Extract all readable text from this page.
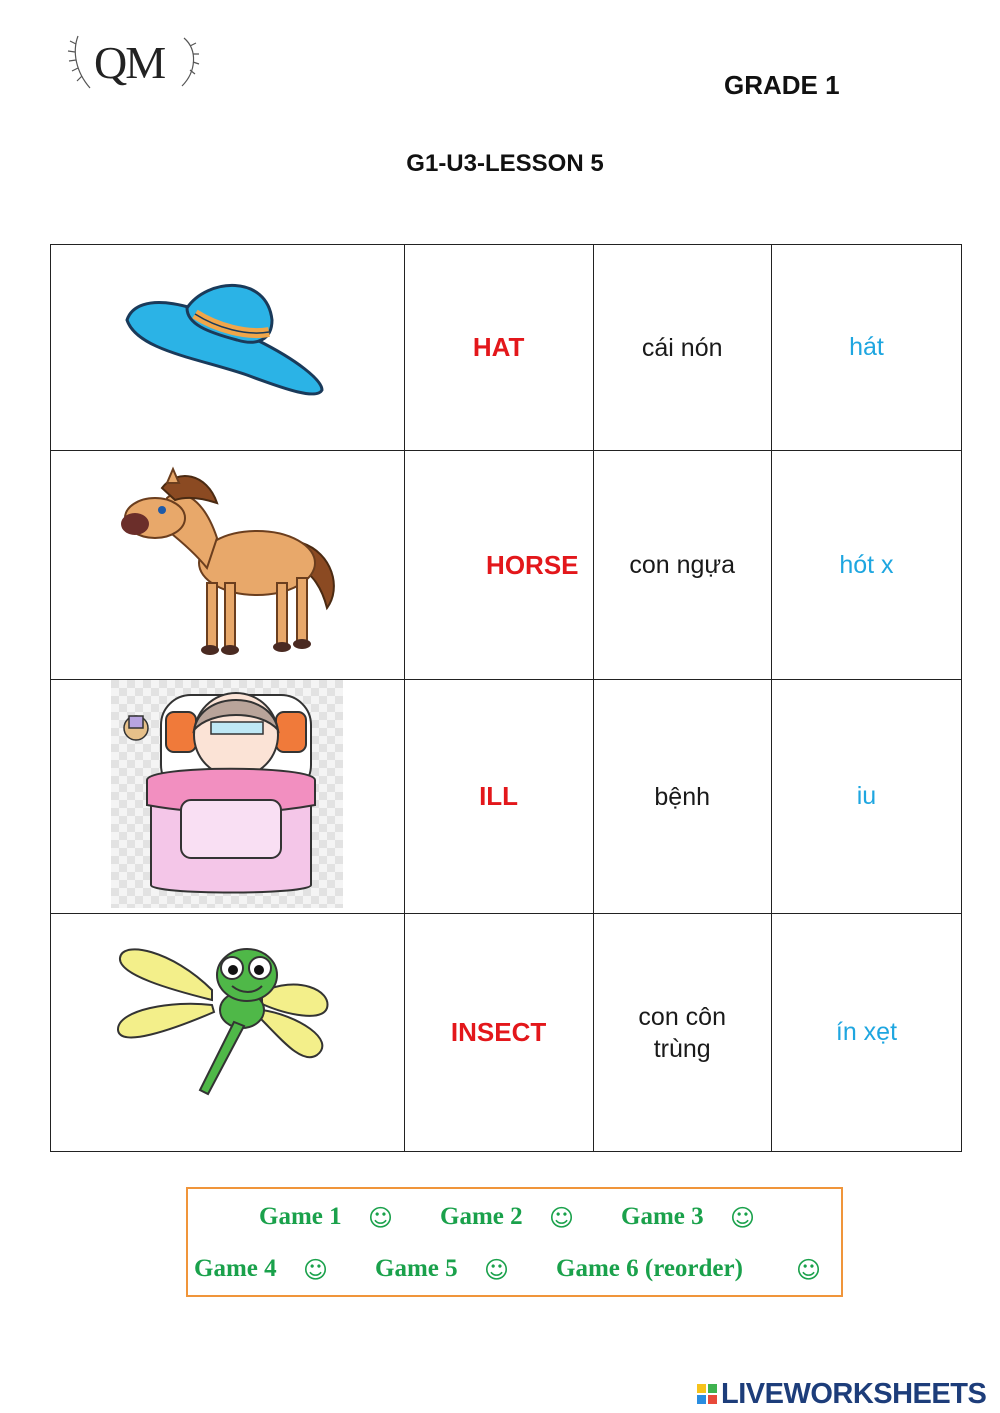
QM	GRADE 1
G1-U3-LESSON 5
	HAT	cái nón	hát
	HORSE	con ngựa	hót x
	ILL	bệnh	iu
	INSECT	con côn trùng	ín xẹt
Game 1 ☺ Game 2 ☺ Game 3 ☺
Game 4 ☺ Game 5 ☺ Game 6 (reorder) ☺
LIVEWORKSHEETS
